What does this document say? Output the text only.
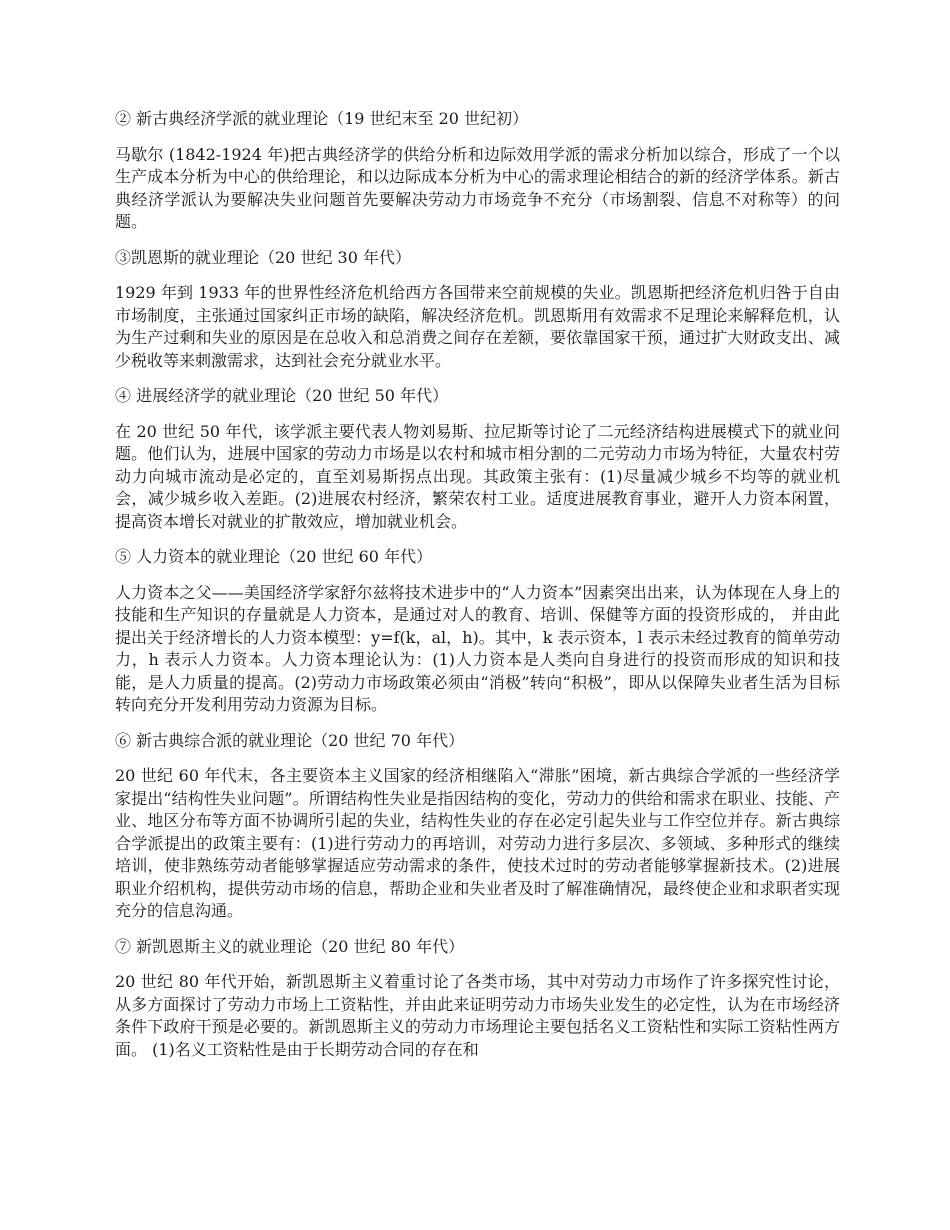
② 新古典经济学派的就业理论（19 世纪末至 20 世纪初）

马歇尔 (1842-1924 年)把古典经济学的供给分析和边际效用学派的需求分析加以综合，形成了一个以生产成本分析为中心的供给理论，和以边际成本分析为中心的需求理论相结合的新的经济学体系。新古典经济学派认为要解决失业问题首先要解决劳动力市场竞争不充分（市场割裂、信息不对称等）的问题。

③凯恩斯的就业理论（20 世纪 30 年代）

1929 年到 1933 年的世界性经济危机给西方各国带来空前规模的失业。凯恩斯把经济危机归咎于自由市场制度，主张通过国家纠正市场的缺陷，解决经济危机。凯恩斯用有效需求不足理论来解释危机，认为生产过剩和失业的原因是在总收入和总消费之间存在差额，要依靠国家干预，通过扩大财政支出、减少税收等来刺激需求，达到社会充分就业水平。

④ 进展经济学的就业理论（20 世纪 50 年代）

在 20 世纪 50 年代，该学派主要代表人物刘易斯、拉尼斯等讨论了二元经济结构进展模式下的就业问题。他们认为，进展中国家的劳动力市场是以农村和城市相分割的二元劳动力市场为特征，大量农村劳动力向城市流动是必定的，直至刘易斯拐点出现。其政策主张有：(1)尽量减少城乡不均等的就业机会，减少城乡收入差距。(2)进展农村经济，繁荣农村工业。适度进展教育事业，避开人力资本闲置，提高资本增长对就业的扩散效应，增加就业机会。

⑤ 人力资本的就业理论（20 世纪 60 年代）

人力资本之父——美国经济学家舒尔兹将技术进步中的“人力资本”因素突出出来，认为体现在人身上的技能和生产知识的存量就是人力资本，是通过对人的教育、培训、保健等方面的投资形成的， 并由此提出关于经济增长的人力资本模型：y=f(k，al，h)。其中，k 表示资本，l 表示未经过教育的简单劳动力，h 表示人力资本。人力资本理论认为：(1)人力资本是人类向自身进行的投资而形成的知识和技能，是人力质量的提高。(2)劳动力市场政策必须由“消极”转向“积极”，即从以保障失业者生活为目标转向充分开发利用劳动力资源为目标。

⑥ 新古典综合派的就业理论（20 世纪 70 年代）

20 世纪 60 年代末，各主要资本主义国家的经济相继陷入“滞胀”困境，新古典综合学派的一些经济学家提出“结构性失业问题”。所谓结构性失业是指因结构的变化，劳动力的供给和需求在职业、技能、产业、地区分布等方面不协调所引起的失业，结构性失业的存在必定引起失业与工作空位并存。新古典综合学派提出的政策主要有：(1)进行劳动力的再培训，对劳动力进行多层次、多领域、多种形式的继续培训，使非熟练劳动者能够掌握适应劳动需求的条件，使技术过时的劳动者能够掌握新技术。(2)进展职业介绍机构，提供劳动市场的信息，帮助企业和失业者及时了解准确情况，最终使企业和求职者实现充分的信息沟通。

⑦ 新凯恩斯主义的就业理论（20 世纪 80 年代）

20 世纪 80 年代开始，新凯恩斯主义着重讨论了各类市场，其中对劳动力市场作了许多探究性讨论，从多方面探讨了劳动力市场上工资粘性，并由此来证明劳动力市场失业发生的必定性，认为在市场经济条件下政府干预是必要的。新凯恩斯主义的劳动力市场理论主要包括名义工资粘性和实际工资粘性两方面。 (1)名义工资粘性是由于长期劳动合同的存在和
